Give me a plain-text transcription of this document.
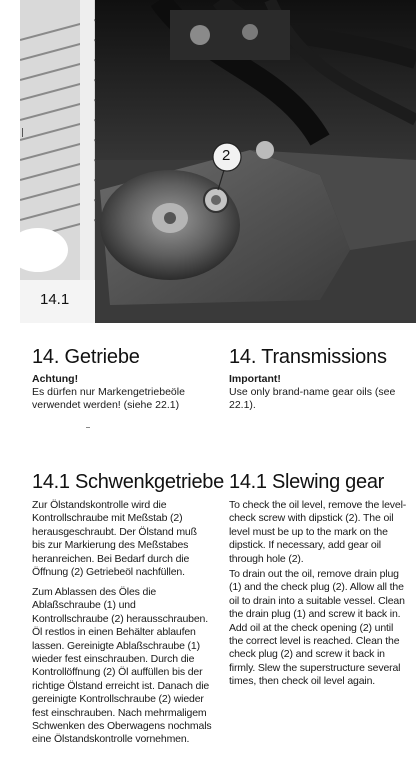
2
14.1
14. Getriebe
Achtung!
Es dürfen nur Markengetriebeöle verwendet werden! (siehe 22.1)
14.1 Schwenkgetriebe
Zur Ölstandskontrolle wird die Kontrollschraube mit Meßstab (2) herausgeschraubt. Der Ölstand muß bis zur Markierung des Meßstabes heranreichen. Bei Bedarf durch die Öffnung (2) Getriebeöl nachfüllen.
Zum Ablassen des Öles die Ablaßschraube (1) und Kontrollschraube (2) herausschrauben. Öl restlos in einen Behälter ablaufen lassen. Gereinigte Ablaßschraube (1) wieder fest einschrauben. Durch die Kontrollöffnung (2) Öl auffüllen bis der richtige Ölstand erreicht ist. Danach die gereinigte Kontrollschraube (2) wieder fest einschrauben. Nach mehrmaligem Schwenken des Oberwagens nochmals eine Ölstandskontrolle vornehmen.
14. Transmissions
Important!
Use only brand-name gear oils (see 22.1).
14.1 Slewing gear
To check the oil level, remove the level-check screw with dipstick (2). The oil level must be up to the mark on the dipstick. If necessary, add gear oil through hole (2).
To drain out the oil, remove drain plug (1) and the check plug (2). Allow all the oil to drain into a suitable vessel. Clean the drain plug (1) and screw it back in. Add oil at the check opening (2) until the correct level is reached. Clean the check plug (2) and screw it back in firmly. Slew the superstructure several times, then check oil level again.
